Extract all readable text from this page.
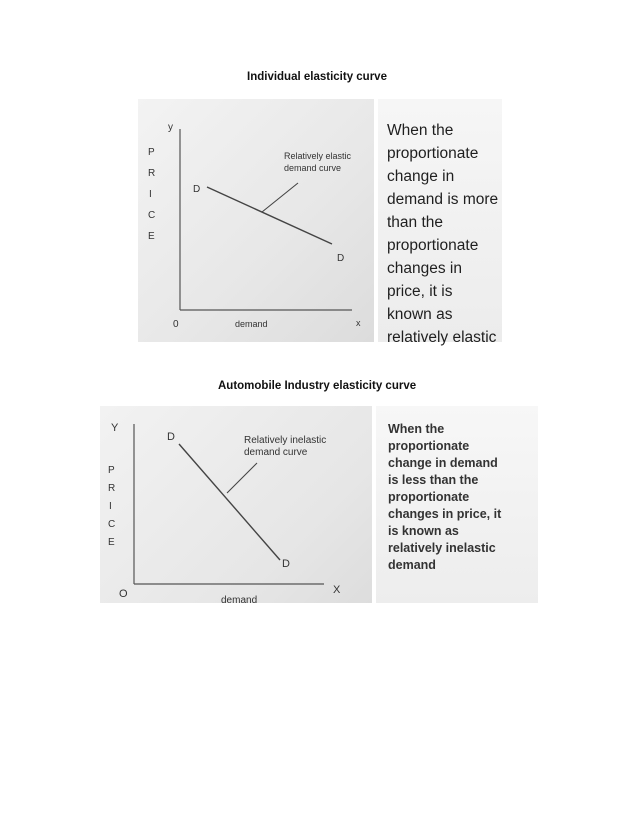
Individual elasticity curve
y
x
0
P
R
I
C
E
demand
D
D
Relatively elastic
demand curve

When the
proportionate
change in
demand is more
than the
proportionate
changes in
price, it is
known as
relatively elastic

Automobile Industry elasticity curve
Y
X
O
P
R
I
C
E
demand
D
D
Relatively inelastic
demand curve

When the
proportionate
change in demand
is less than the
proportionate
changes in price, it
is known as
relatively inelastic
demand
